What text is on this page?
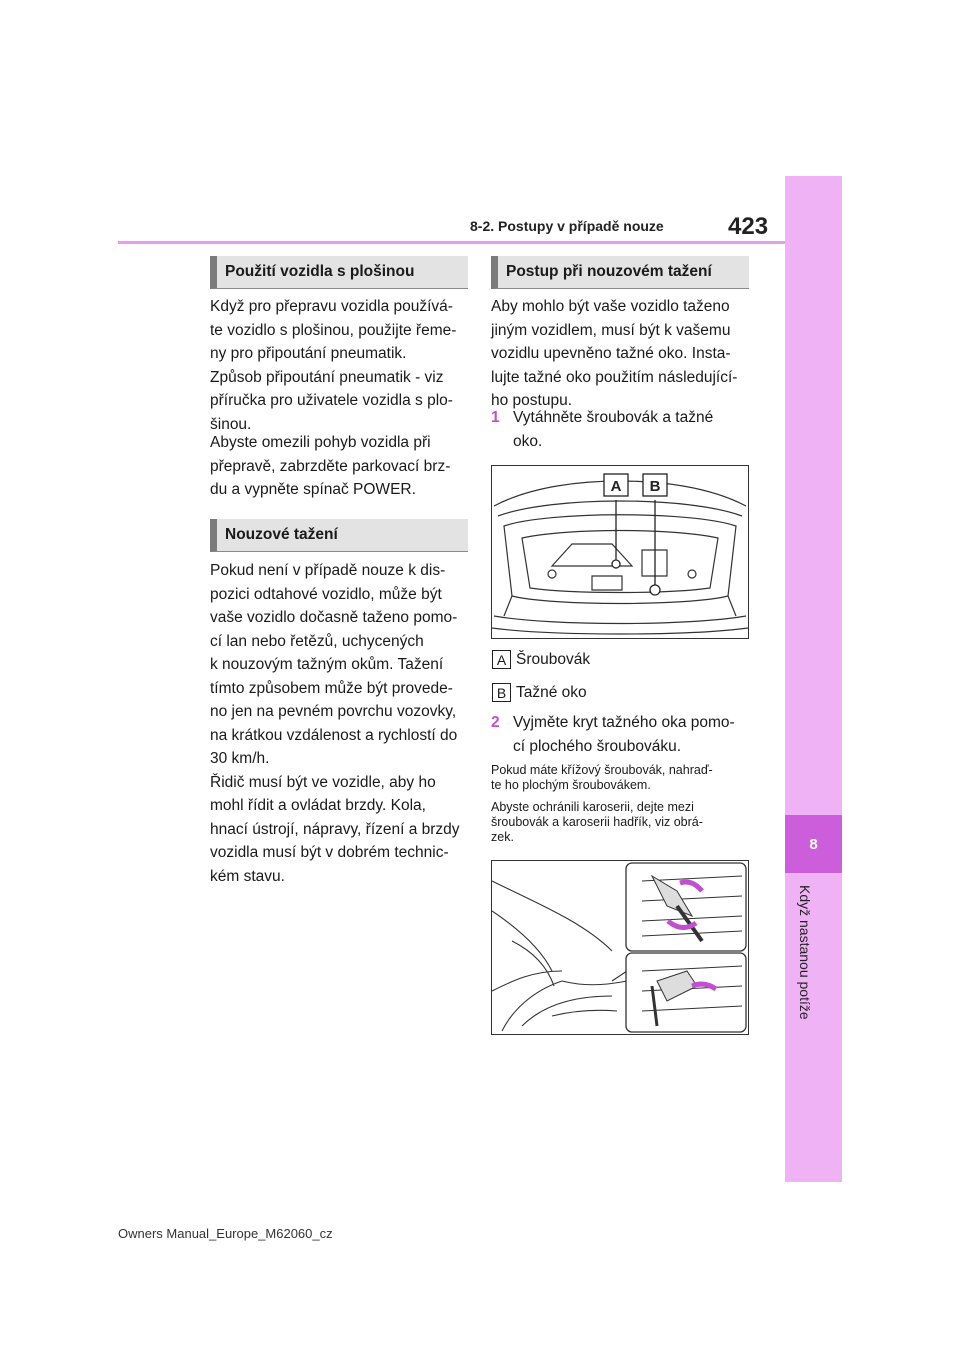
8
Když nastanou potíže
8-2. Postupy v případě nouze	423
Použití vozidla s plošinou

Když pro přepravu vozidla používá-
te vozidlo s plošinou, použijte řeme-
ny pro připoutání pneumatik.
Způsob připoutání pneumatik - viz
příručka pro uživatele vozidla s plo-
šinou.

Abyste omezili pohyb vozidla při
přepravě, zabrzděte parkovací brz-
du a vypněte spínač POWER.

Nouzové tažení

Pokud není v případě nouze k dis-
pozici odtahové vozidlo, může být
vaše vozidlo dočasně taženo pomo-
cí lan nebo řetězů, uchycených
k nouzovým tažným okům. Tažení
tímto způsobem může být provede-
no jen na pevném povrchu vozovky,
na krátkou vzdálenost a rychlostí do
30 km/h.
Řidič musí být ve vozidle, aby ho
mohl řídit a ovládat brzdy. Kola,
hnací ústrojí, nápravy, řízení a brzdy
vozidla musí být v dobrém technic-
kém stavu.

Postup při nouzovém tažení

Aby mohlo být vaše vozidlo taženo
jiným vozidlem, musí být k vašemu
vozidlu upevněno tažné oko. Insta-
lujte tažné oko použitím následující-
ho postupu.

1 Vytáhněte šroubovák a tažné
oko.
A B
A Šroubovák
B Tažné oko
2 Vyjměte kryt tažného oka pomo-
cí plochého šroubováku.

Pokud máte křížový šroubovák, nahraď-
te ho plochým šroubovákem.

Abyste ochránili karoserii, dejte mezi
šroubovák a karoserii hadřík, viz obrá-
zek.

Owners Manual_Europe_M62060_cz
